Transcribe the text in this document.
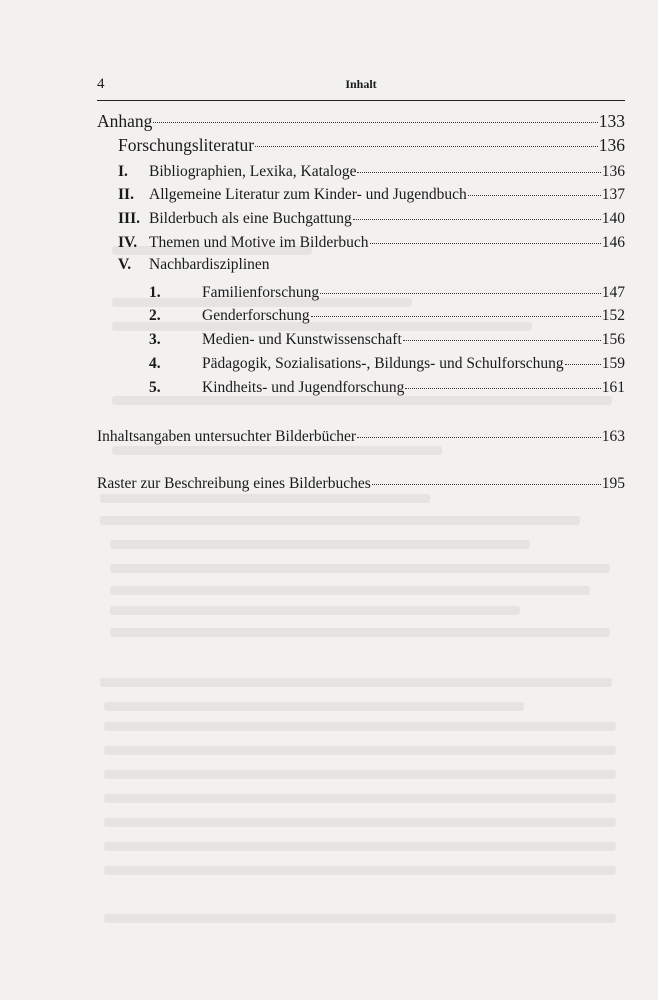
4	Inhalt
Anhang	133
Forschungsliteratur	136
I.	Bibliographien, Lexika, Kataloge	136
II. Allgemeine Literatur zum Kinder- und Jugendbuch	137
III. Bilderbuch als eine Buchgattung	140
IV. Themen und Motive im Bilderbuch	146
V.	Nachbardisziplinen
1.	Familienforschung	147
2.	Genderforschung	152
3.	Medien- und Kunstwissenschaft	156
4.	Pädagogik, Sozialisations-, Bildungs- und Schulforschung 159
5.	Kindheits- und Jugendforschung	161
Inhaltsangaben untersuchter Bilderbücher	163
Raster zur Beschreibung eines Bilderbuches	195
